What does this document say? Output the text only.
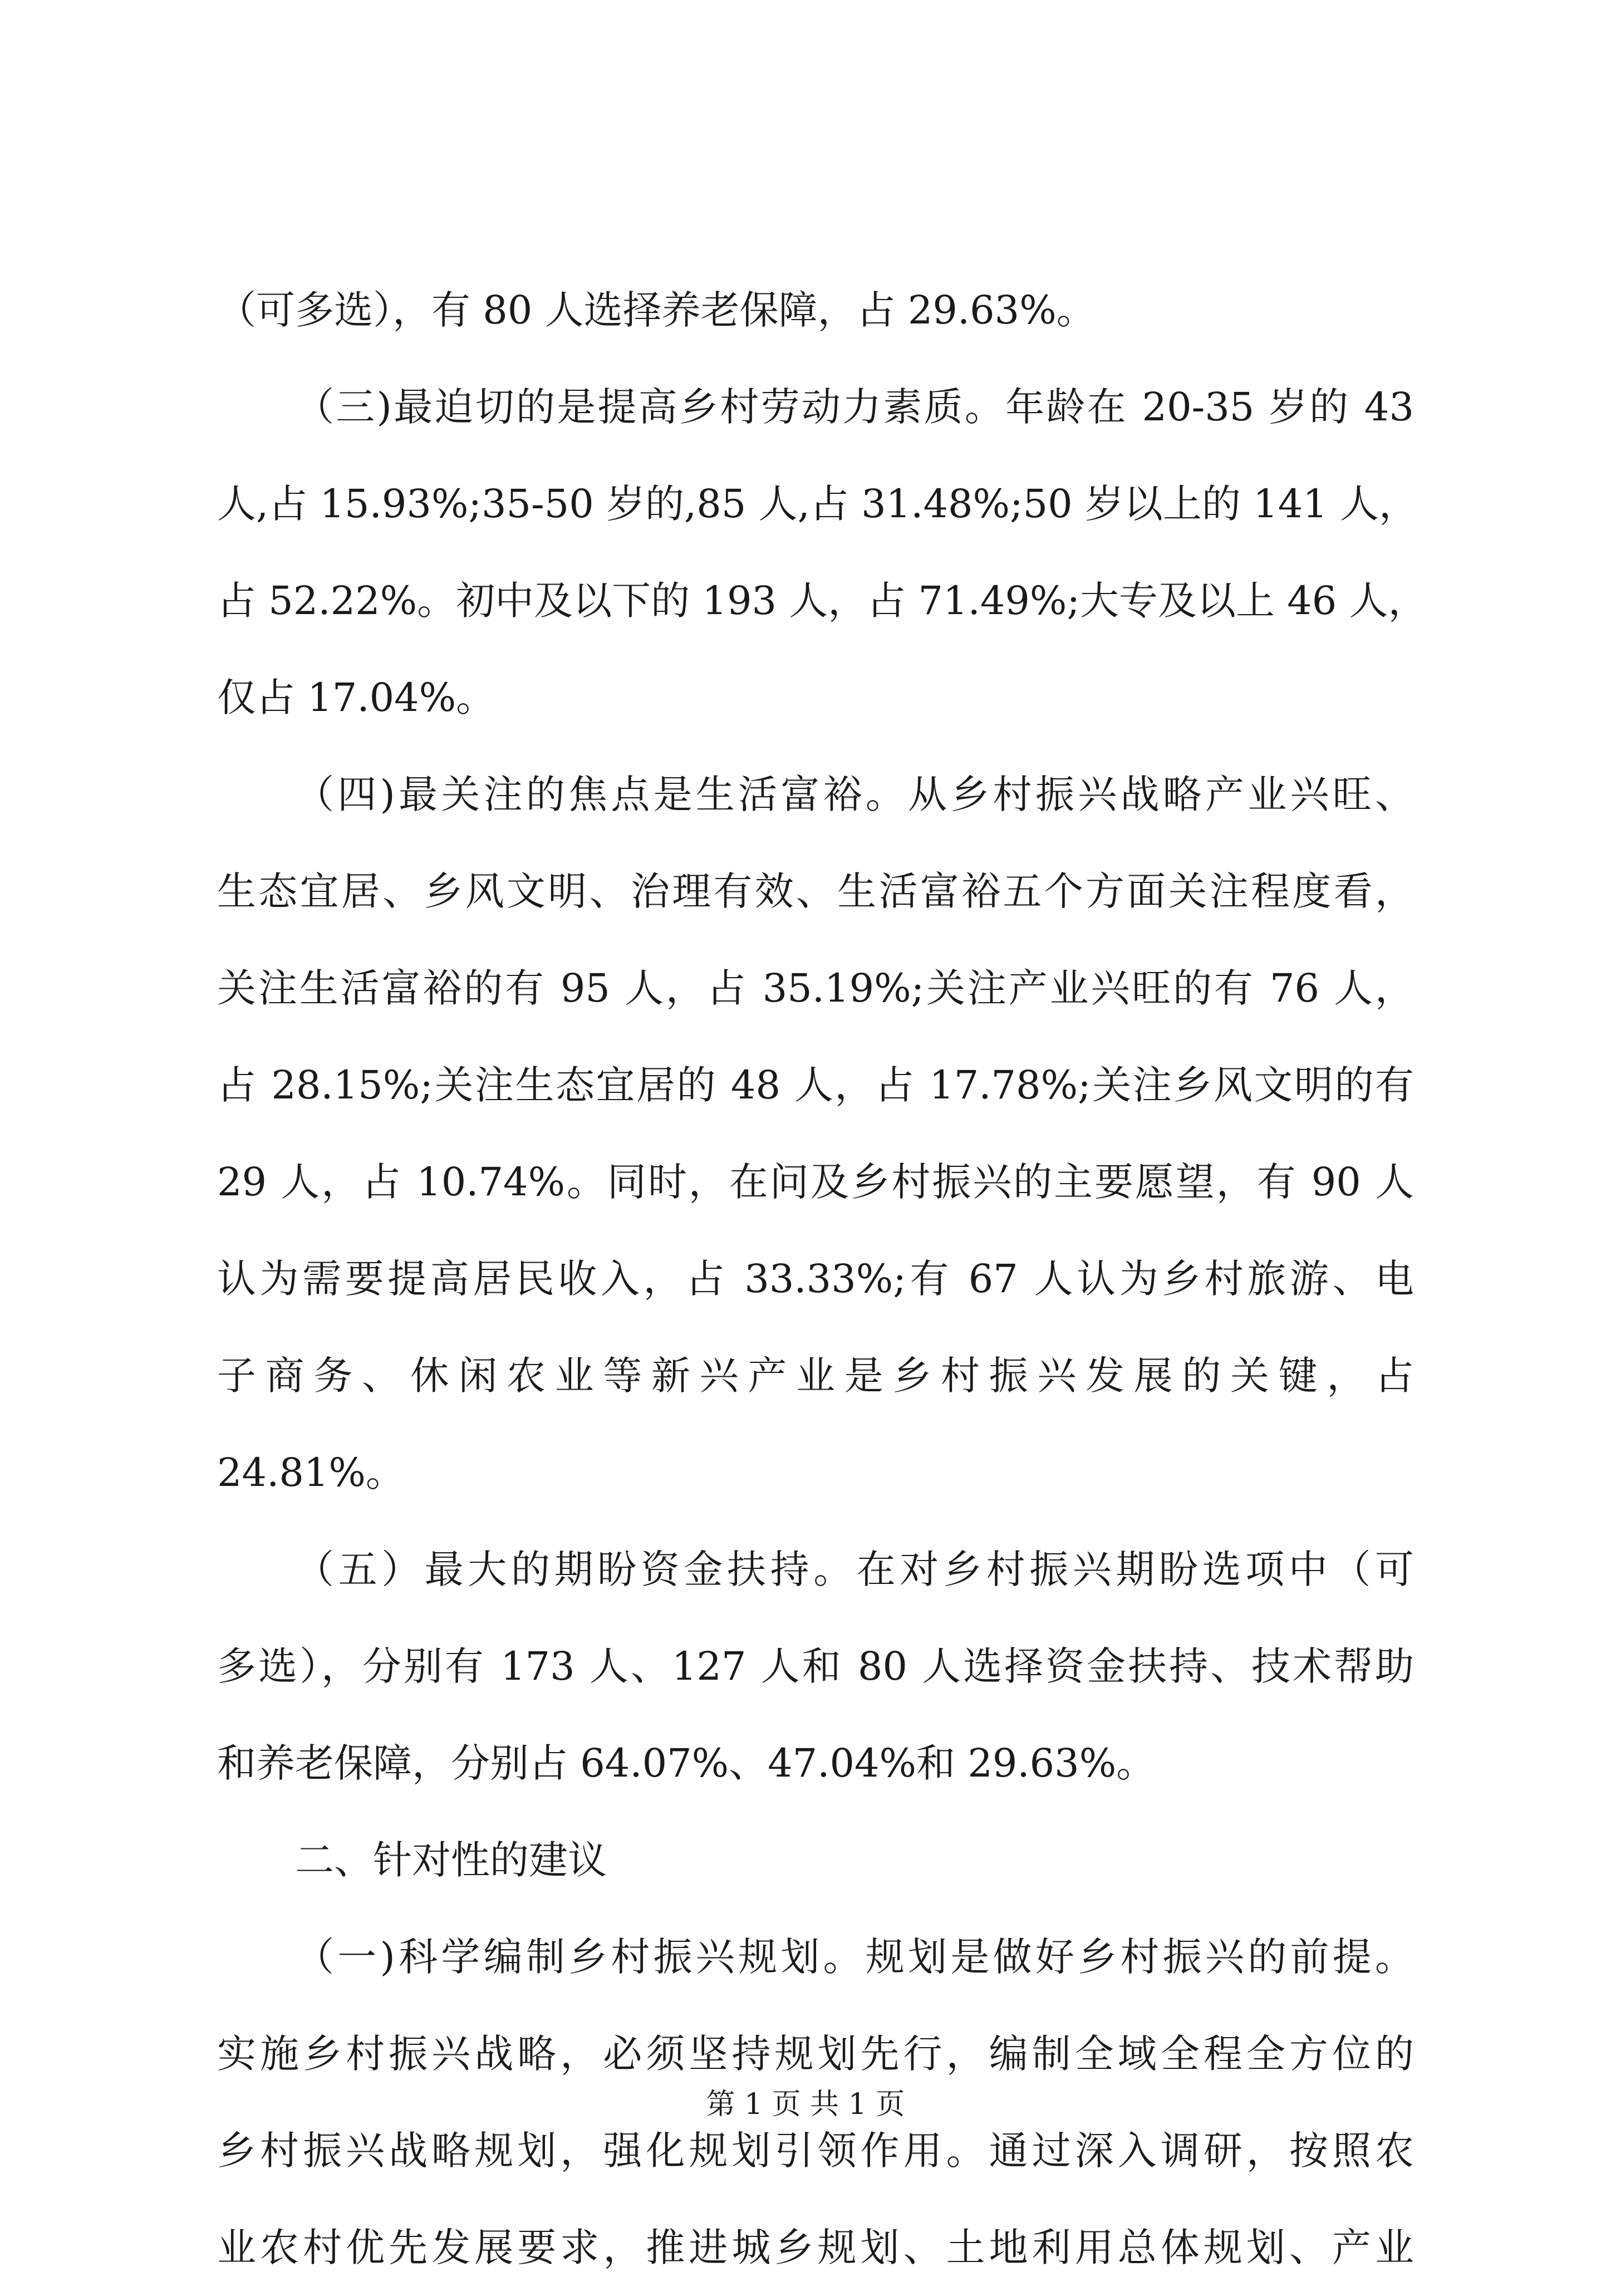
（可多选），有 80 人选择养老保障，占 29.63%。
（三)最迫切的是提高乡村劳动力素质。年龄在 20-35 岁的 43
人,占 15.93%;35-50 岁的,85 人,占 31.48%;50 岁以上的 141 人，
占 52.22%。初中及以下的 193 人，占 71.49%;大专及以上 46 人，
仅占 17.04%。
（四)最关注的焦点是生活富裕。从乡村振兴战略产业兴旺、
生态宜居、乡风文明、治理有效、生活富裕五个方面关注程度看，
关注生活富裕的有 95 人，占 35.19%;关注产业兴旺的有 76 人，
占 28.15%;关注生态宜居的 48 人，占 17.78%;关注乡风文明的有
29 人，占 10.74%。同时，在问及乡村振兴的主要愿望，有 90 人
认为需要提高居民收入，占 33.33%;有 67 人认为乡村旅游、电
子商务、休闲农业等新兴产业是乡村振兴发展的关键，占
24.81%。
（五）最大的期盼资金扶持。在对乡村振兴期盼选项中（可
多选），分别有 173 人、127 人和 80 人选择资金扶持、技术帮助
和养老保障，分别占 64.07%、47.04%和 29.63%。
二、针对性的建议
（一)科学编制乡村振兴规划。规划是做好乡村振兴的前提。
实施乡村振兴战略，必须坚持规划先行，编制全域全程全方位的
乡村振兴战略规划，强化规划引领作用。通过深入调研，按照农
业农村优先发展要求，推进城乡规划、土地利用总体规划、产业
第 1 页 共 1 页
